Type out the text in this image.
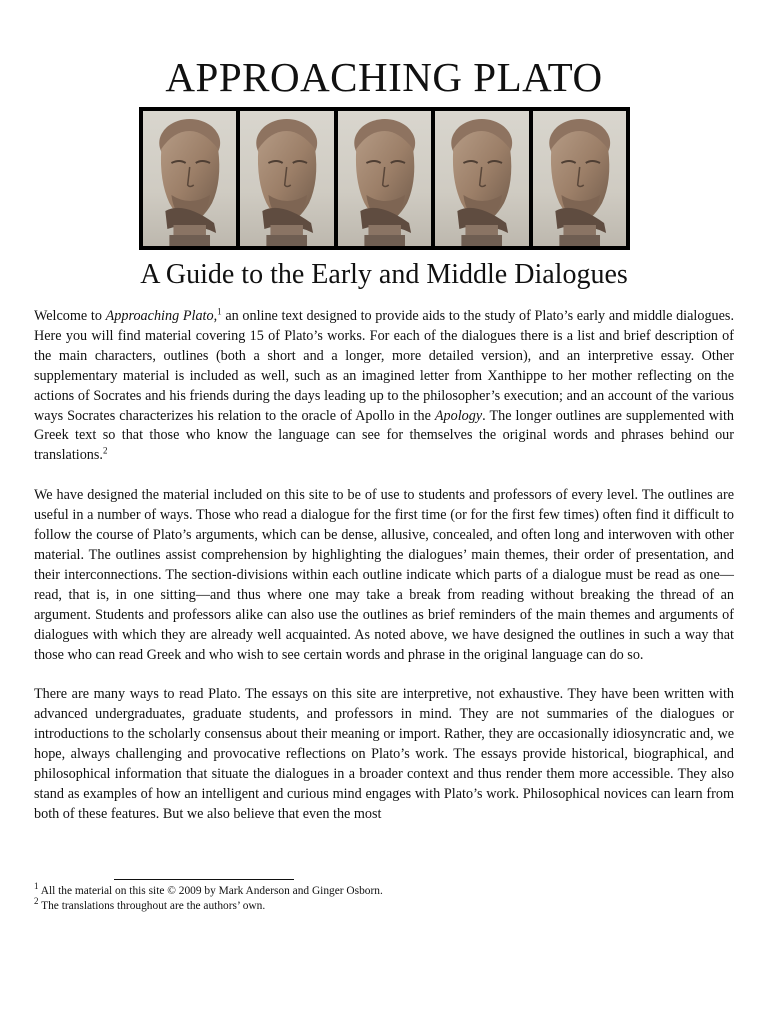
APPROACHING PLATO
A Guide to the Early and Middle Dialogues

Welcome to Approaching Plato,$^1$ an online text designed to provide aids to the study of Plato’s early and middle dialogues. Here you will find material covering 15 of Plato’s works. For each of the dialogues there is a list and brief description of the main characters, outlines (both a short and a longer, more detailed version), and an interpretive essay. Other supplementary material is included as well, such as an imagined letter from Xanthippe to her mother reflecting on the actions of Socrates and his friends during the days leading up to the philosopher’s execution; and an account of the various ways Socrates characterizes his relation to the oracle of Apollo in the Apology. The longer outlines are supplemented with Greek text so that those who know the language can see for themselves the original words and phrases behind our translations.$^2$

We have designed the material included on this site to be of use to students and professors of every level. The outlines are useful in a number of ways. Those who read a dialogue for the first time (or for the first few times) often find it difficult to follow the course of Plato’s arguments, which can be dense, allusive, concealed, and often long and interwoven with other material. The outlines assist comprehension by highlighting the dialogues’ main themes, their order of presentation, and their interconnections. The section-divisions within each outline indicate which parts of a dialogue must be read as one—read, that is, in one sitting—and thus where one may take a break from reading without breaking the thread of an argument. Students and professors alike can also use the outlines as brief reminders of the main themes and arguments of dialogues with which they are already well acquainted. As noted above, we have designed the outlines in such a way that those who can read Greek and who wish to see certain words and phrase in the original language can do so.

There are many ways to read Plato. The essays on this site are interpretive, not exhaustive. They have been written with advanced undergraduates, graduate students, and professors in mind. They are not summaries of the dialogues or introductions to the scholarly consensus about their meaning or import. Rather, they are occasionally idiosyncratic and, we hope, always challenging and provocative reflections on Plato’s work. The essays provide historical, biographical, and philosophical information that situate the dialogues in a broader context and thus render them more accessible. They also stand as examples of how an intelligent and curious mind engages with Plato’s work. Philosophical novices can learn from both of these features. But we also believe that even the most

$^1$ All the material on this site © 2009 by Mark Anderson and Ginger Osborn.
$^2$ The translations throughout are the authors’ own.
